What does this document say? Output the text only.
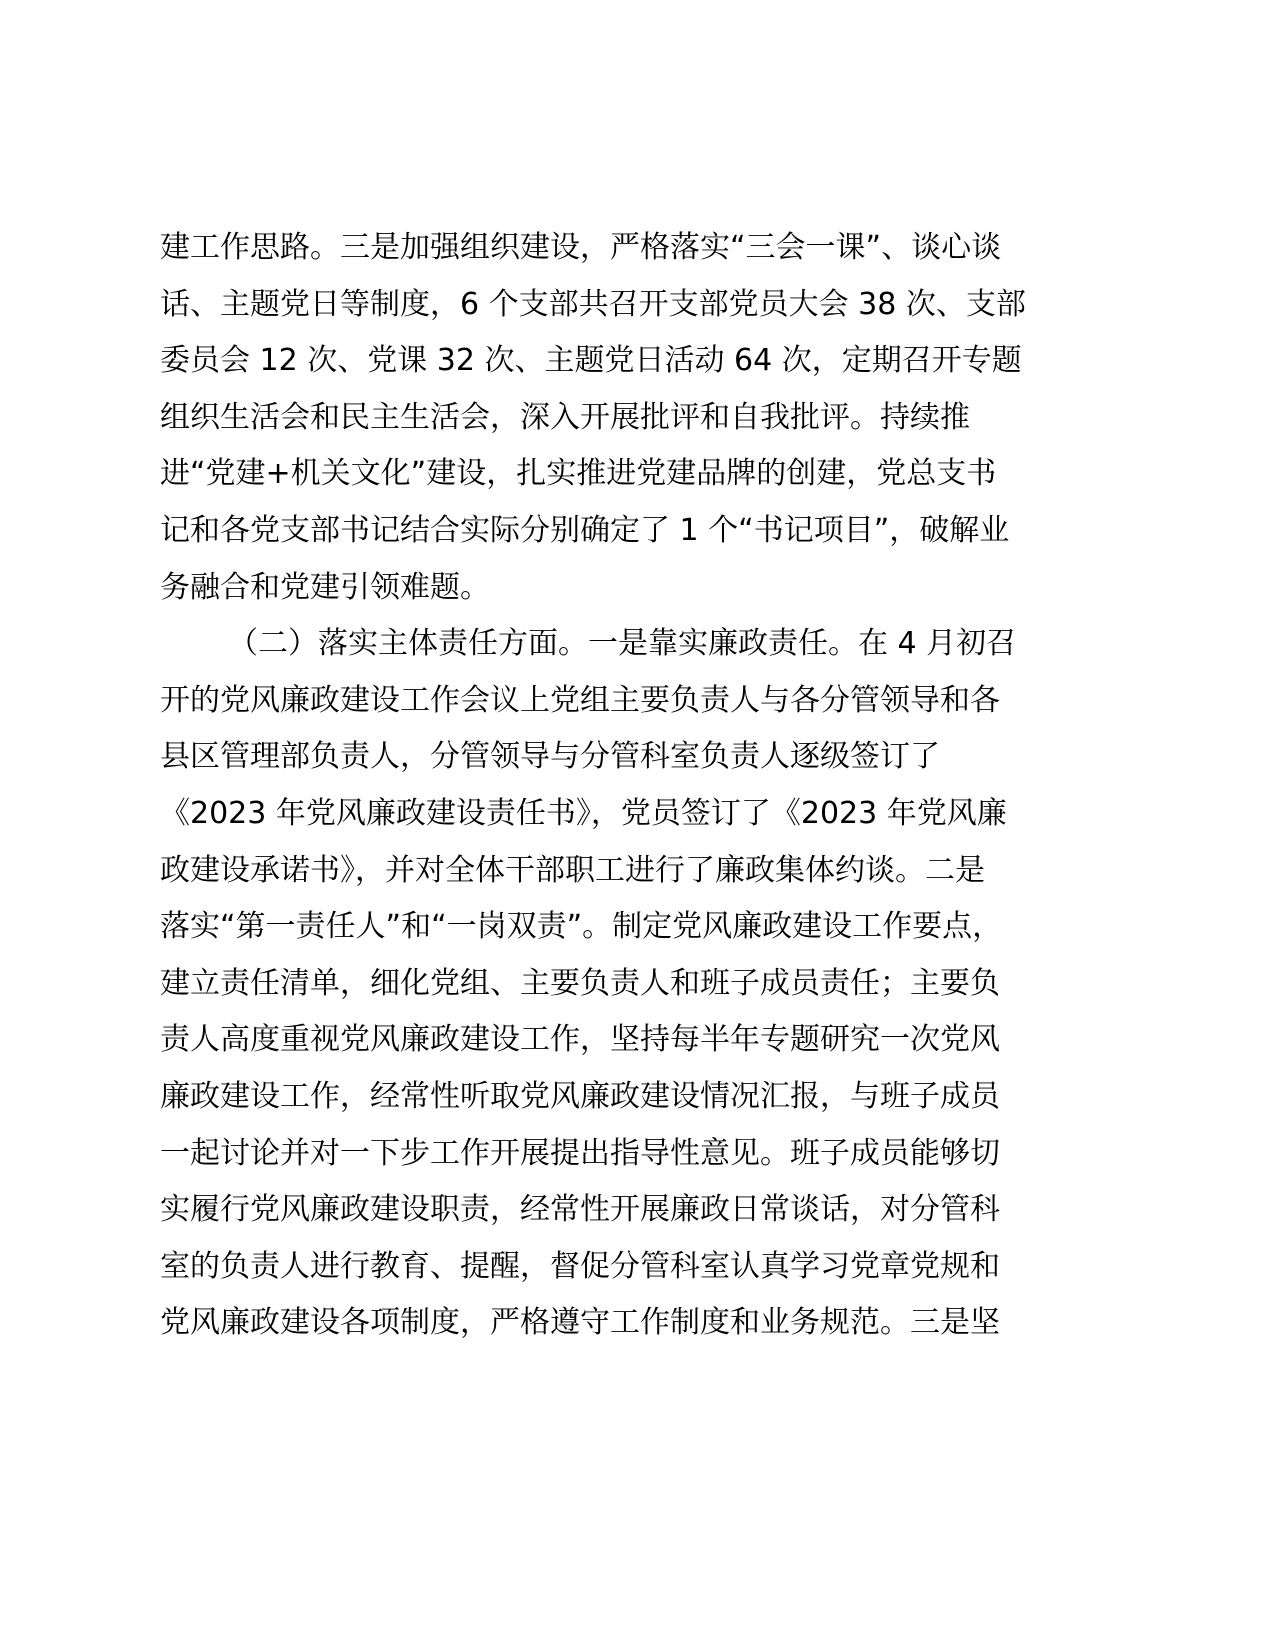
建工作思路。三是加强组织建设，严格落实“三会一课”、谈心谈
话、主题党日等制度，6 个支部共召开支部党员大会 38 次、支部
委员会 12 次、党课 32 次、主题党日活动 64 次，定期召开专题
组织生活会和民主生活会，深入开展批评和自我批评。持续推
进“党建+机关文化”建设，扎实推进党建品牌的创建，党总支书
记和各党支部书记结合实际分别确定了 1 个“书记项目”，破解业
务融合和党建引领难题。
（二）落实主体责任方面。一是靠实廉政责任。在 4 月初召
开的党风廉政建设工作会议上党组主要负责人与各分管领导和各
县区管理部负责人，分管领导与分管科室负责人逐级签订了
《2023 年党风廉政建设责任书》，党员签订了《2023 年党风廉
政建设承诺书》，并对全体干部职工进行了廉政集体约谈。二是
落实“第一责任人”和“一岗双责”。制定党风廉政建设工作要点，
建立责任清单，细化党组、主要负责人和班子成员责任；主要负
责人高度重视党风廉政建设工作，坚持每半年专题研究一次党风
廉政建设工作，经常性听取党风廉政建设情况汇报，与班子成员
一起讨论并对一下步工作开展提出指导性意见。班子成员能够切
实履行党风廉政建设职责，经常性开展廉政日常谈话，对分管科
室的负责人进行教育、提醒，督促分管科室认真学习党章党规和
党风廉政建设各项制度，严格遵守工作制度和业务规范。三是坚
